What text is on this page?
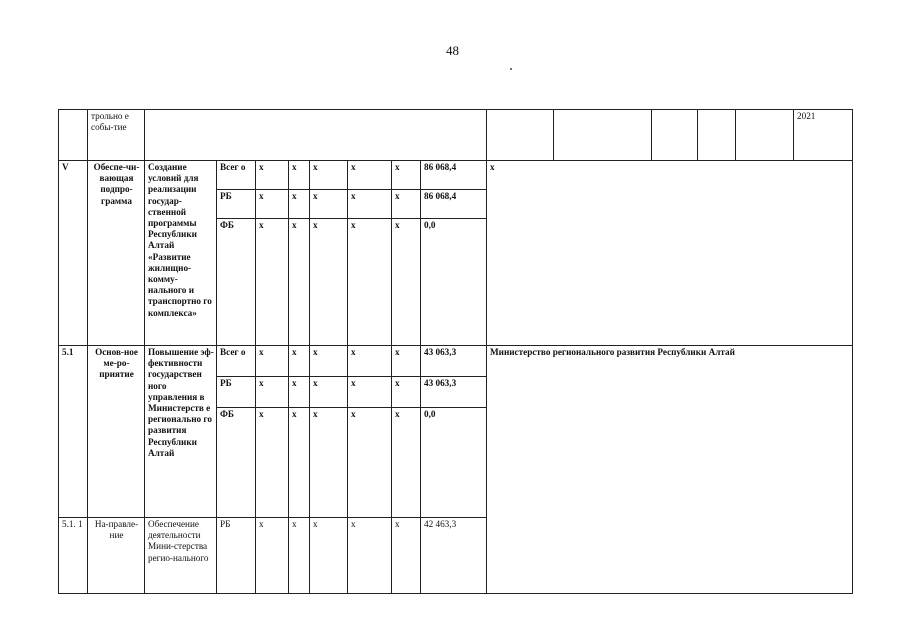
48
	трольно е собы-тие														2021
V	Обеспе-чи-вающая подпро-грамма	Создание условий для реализации государ-ственной программы Республики Алтай «Развитие жилищно-комму-нального и транспортно го комплекса»	Всег о	х	х	х	х	х	86 068,4	х					
			РБ	х	х	х	х	х	86 068,4						
			ФБ	х	х	х	х	х	0,0						
5.1	Основ-ное ме-ро-приятие	Повышение эф-фективности государствен ного управления в Министерств е регионально го развития Республики Алтай	Всег о	х	х	х	х	х	43 063,3	Министерство регионального развития Республики Алтай					
			РБ	х	х	х	х	х	43 063,3						
			ФБ	х	х	х	х	х	0,0						
5.1. 1	На-правле-ние	Обеспечение деятельности Мини-стерства регио-нального	РБ	х	х	х	х	х	42 463,3						
